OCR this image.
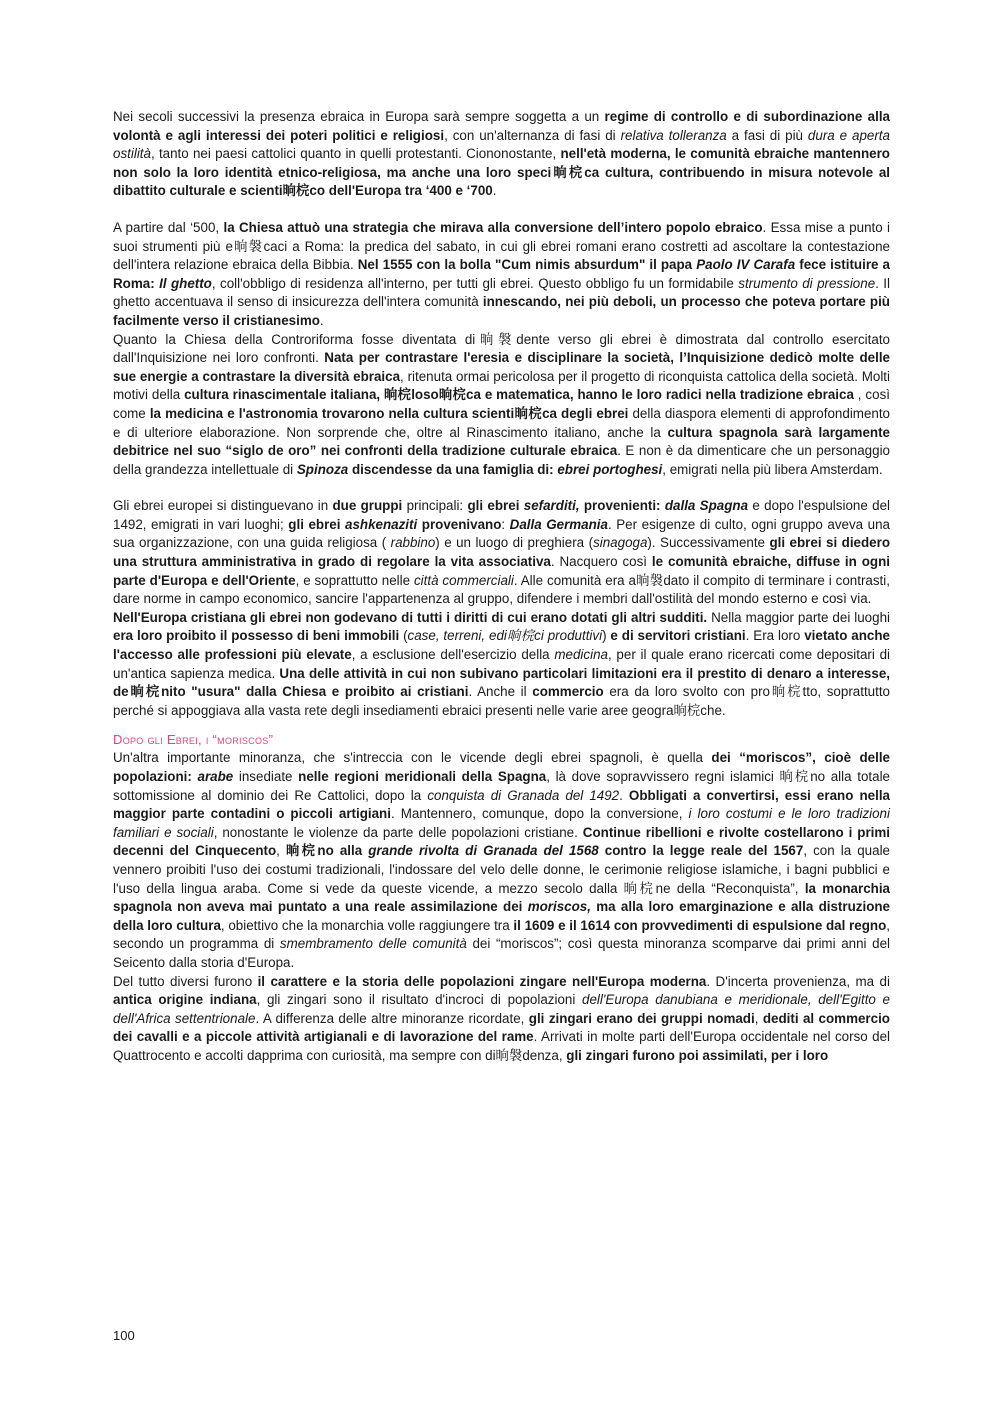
Nei secoli successivi la presenza ebraica in Europa sarà sempre soggetta a un regime di controllo e di subordinazione alla volontà e agli interessi dei poteri politici e religiosi, con un'alternanza di fasi di relativa tolleranza a fasi di più dura e aperta ostilità, tanto nei paesi cattolici quanto in quelli protestanti. Ciononostante, nell'età moderna, le comunità ebraiche mantennero non solo la loro identità etnico-religiosa, ma anche una loro speci晌梡ca cultura, contribuendo in misura notevole al dibattito culturale e scienti晌梡co dell'Europa tra ‘400 e ‘700.

A partire dal ‘500, la Chiesa attuò una strategia che mirava alla conversione dell’intero popolo ebraico. Essa mise a punto i suoi strumenti più e晌褩caci a Roma: la predica del sabato, in cui gli ebrei romani erano costretti ad ascoltare la contestazione dell'intera relazione ebraica della Bibbia. Nel 1555 con la bolla "Cum nimis absurdum" il papa Paolo IV Carafa fece istituire a Roma: Il ghetto, coll'obbligo di residenza all'interno, per tutti gli ebrei. Questo obbligo fu un formidabile strumento di pressione. Il ghetto accentuava il senso di insicurezza dell'intera comunità innescando, nei più deboli, un processo che poteva portare più facilmente verso il cristianesimo.

Quanto la Chiesa della Controriforma fosse diventata di晌褩dente verso gli ebrei è dimostrata dal controllo esercitato dall'Inquisizione nei loro confronti. Nata per contrastare l'eresia e disciplinare la società, l’Inquisizione dedicò molte delle sue energie a contrastare la diversità ebraica, ritenuta ormai pericolosa per il progetto di riconquista cattolica della società. Molti motivi della cultura rinascimentale italiana, 晌梡loso晌梡ca e matematica, hanno le loro radici nella tradizione ebraica , così come la medicina e l'astronomia trovarono nella cultura scienti晌梡ca degli ebrei della diaspora elementi di approfondimento e di ulteriore elaborazione. Non sorprende che, oltre al Rinascimento italiano, anche la cultura spagnola sarà largamente debitrice nel suo “siglo de oro” nei confronti della tradizione culturale ebraica. E non è da dimenticare che un personaggio della grandezza intellettuale di Spinoza discendesse da una famiglia di: ebrei portoghesi, emigrati nella più libera Amsterdam.

Gli ebrei europei si distinguevano in due gruppi principali: gli ebrei sefarditi, provenienti: dalla Spagna e dopo l'espulsione del 1492, emigrati in vari luoghi; gli ebrei ashkenaziti provenivano: Dalla Germania. Per esigenze di culto, ogni gruppo aveva una sua organizzazione, con una guida religiosa ( rabbino) e un luogo di preghiera (sinagoga). Successivamente gli ebrei si diedero una struttura amministrativa in grado di regolare la vita associativa. Nacquero così le comunità ebraiche, diffuse in ogni parte d'Europa e dell'Oriente, e soprattutto nelle città commerciali. Alle comunità era a晌褩dato il compito di terminare i contrasti, dare norme in campo economico, sancire l'appartenenza al gruppo, difendere i membri dall'ostilità del mondo esterno e così via.

Nell'Europa cristiana gli ebrei non godevano di tutti i diritti di cui erano dotati gli altri sudditi. Nella maggior parte dei luoghi era loro proibito il possesso di beni immobili (case, terreni, edi晌梡ci produttivi) e di servitori cristiani. Era loro vietato anche l'accesso alle professioni più elevate, a esclusione dell'esercizio della medicina, per il quale erano ricercati come depositari di un'antica sapienza medica. Una delle attività in cui non subivano particolari limitazioni era il prestito di denaro a interesse, de晌梡nito "usura" dalla Chiesa e proibito ai cristiani. Anche il commercio era da loro svolto con pro晌梡tto, soprattutto perché si appoggiava alla vasta rete degli insediamenti ebraici presenti nelle varie aree geogra晌梡che.

Dopo gli Ebrei, i “moriscos”

Un'altra importante minoranza, che s'intreccia con le vicende degli ebrei spagnoli, è quella dei “moriscos”, cioè delle popolazioni: arabe insediate nelle regioni meridionali della Spagna, là dove sopravvissero regni islamici 晌梡no alla totale sottomissione al dominio dei Re Cattolici, dopo la conquista di Granada del 1492. Obbligati a convertirsi, essi erano nella maggior parte contadini o piccoli artigiani. Mantennero, comunque, dopo la conversione, i loro costumi e le loro tradizioni familiari e sociali, nonostante le violenze da parte delle popolazioni cristiane. Continue ribellioni e rivolte costellarono i primi decenni del Cinquecento, 晌梡no alla grande rivolta di Granada del 1568 contro la legge reale del 1567, con la quale vennero proibiti l'uso dei costumi tradizionali, l'indossare del velo delle donne, le cerimonie religiose islamiche, i bagni pubblici e l'uso della lingua araba. Come si vede da queste vicende, a mezzo secolo dalla 晌梡ne della “Reconquista”, la monarchia spagnola non aveva mai puntato a una reale assimilazione dei moriscos, ma alla loro emarginazione e alla distruzione della loro cultura, obiettivo che la monarchia volle raggiungere tra il 1609 e il 1614 con provvedimenti di espulsione dal regno, secondo un programma di smembramento delle comunità dei “moriscos”; così questa minoranza scomparve dai primi anni del Seicento dalla storia d'Europa.

Del tutto diversi furono il carattere e la storia delle popolazioni zingare nell'Europa moderna. D'incerta provenienza, ma di antica origine indiana, gli zingari sono il risultato d'incroci di popolazioni dell'Europa danubiana e meridionale, dell'Egitto e dell'Africa settentrionale. A differenza delle altre minoranze ricordate, gli zingari erano dei gruppi nomadi, dediti al commercio dei cavalli e a piccole attività artigianali e di lavorazione del rame. Arrivati in molte parti dell'Europa occidentale nel corso del Quattrocento e accolti dapprima con curiosità, ma sempre con di晌褩denza, gli zingari furono poi assimilati, per i loro

100
